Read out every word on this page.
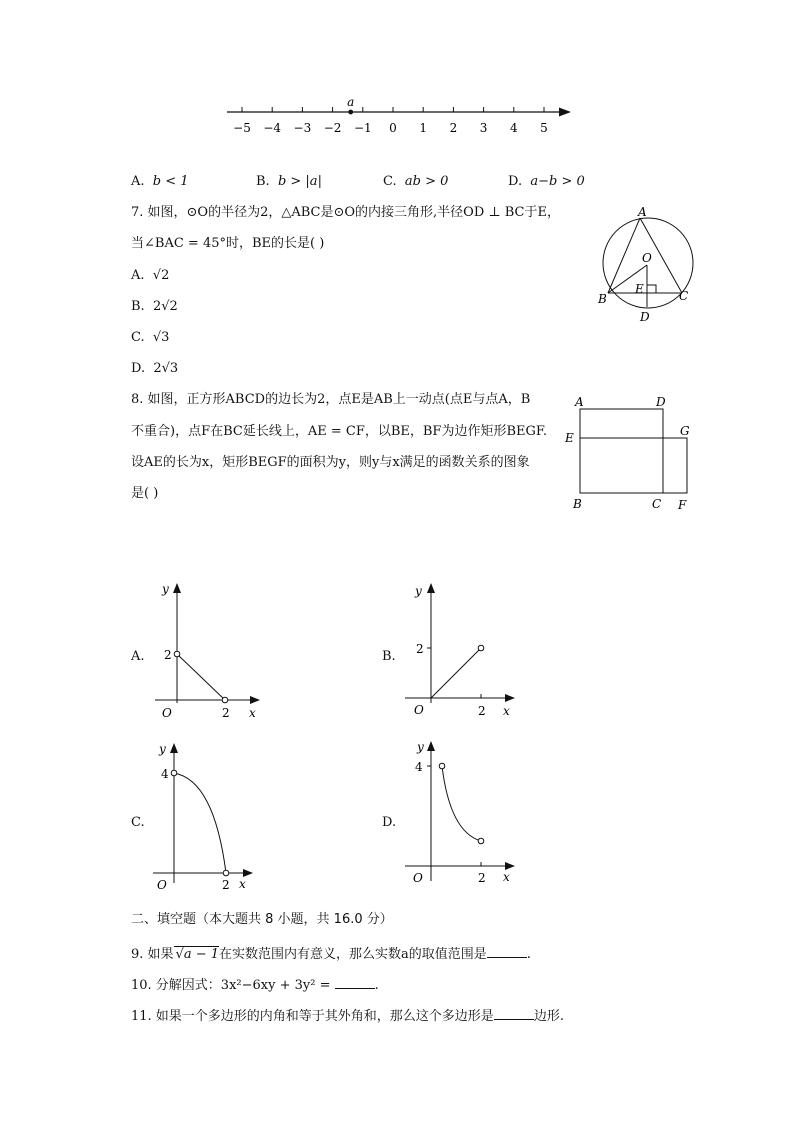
−5 −4 −3 −2 −1 0 1 2 3 4 5
a
A. b < 1	B. b > |a|	C. ab > 0	D. a−b > 0
7. 如图，⊙O的半径为2，△ABC是⊙O的内接三角形,半径OD ⊥ BC于E，
当∠BAC = 45°时，BE的长是( )
A. √2
B. 2√2
C. √3
D. 2√3
A
O
E
B	C
D
8. 如图，正方形ABCD的边长为2，点E是AB上一动点(点E与点A，B
不重合)，点F在BC延长线上，AE = CF，以BE，BF为边作矩形BEGF.
设AE的长为x，矩形BEGF的面积为y，则y与x满足的函数关系的图象
是( )
A	D
E	G
B	C F
A.
y
x
O
2
2
B.
y
x
O
2
2
C.
y
x
O
4
2
D.
y
x
O
4
2
二、填空题（本大题共 8 小题，共 16.0 分）
9. 如果 √a − 1在实数范围内有意义，那么实数a的取值范围是	.
10. 分解因式：3x²−6xy + 3y² =	.
11. 如果一个多边形的内角和等于其外角和，那么这个多边形是	边形.
